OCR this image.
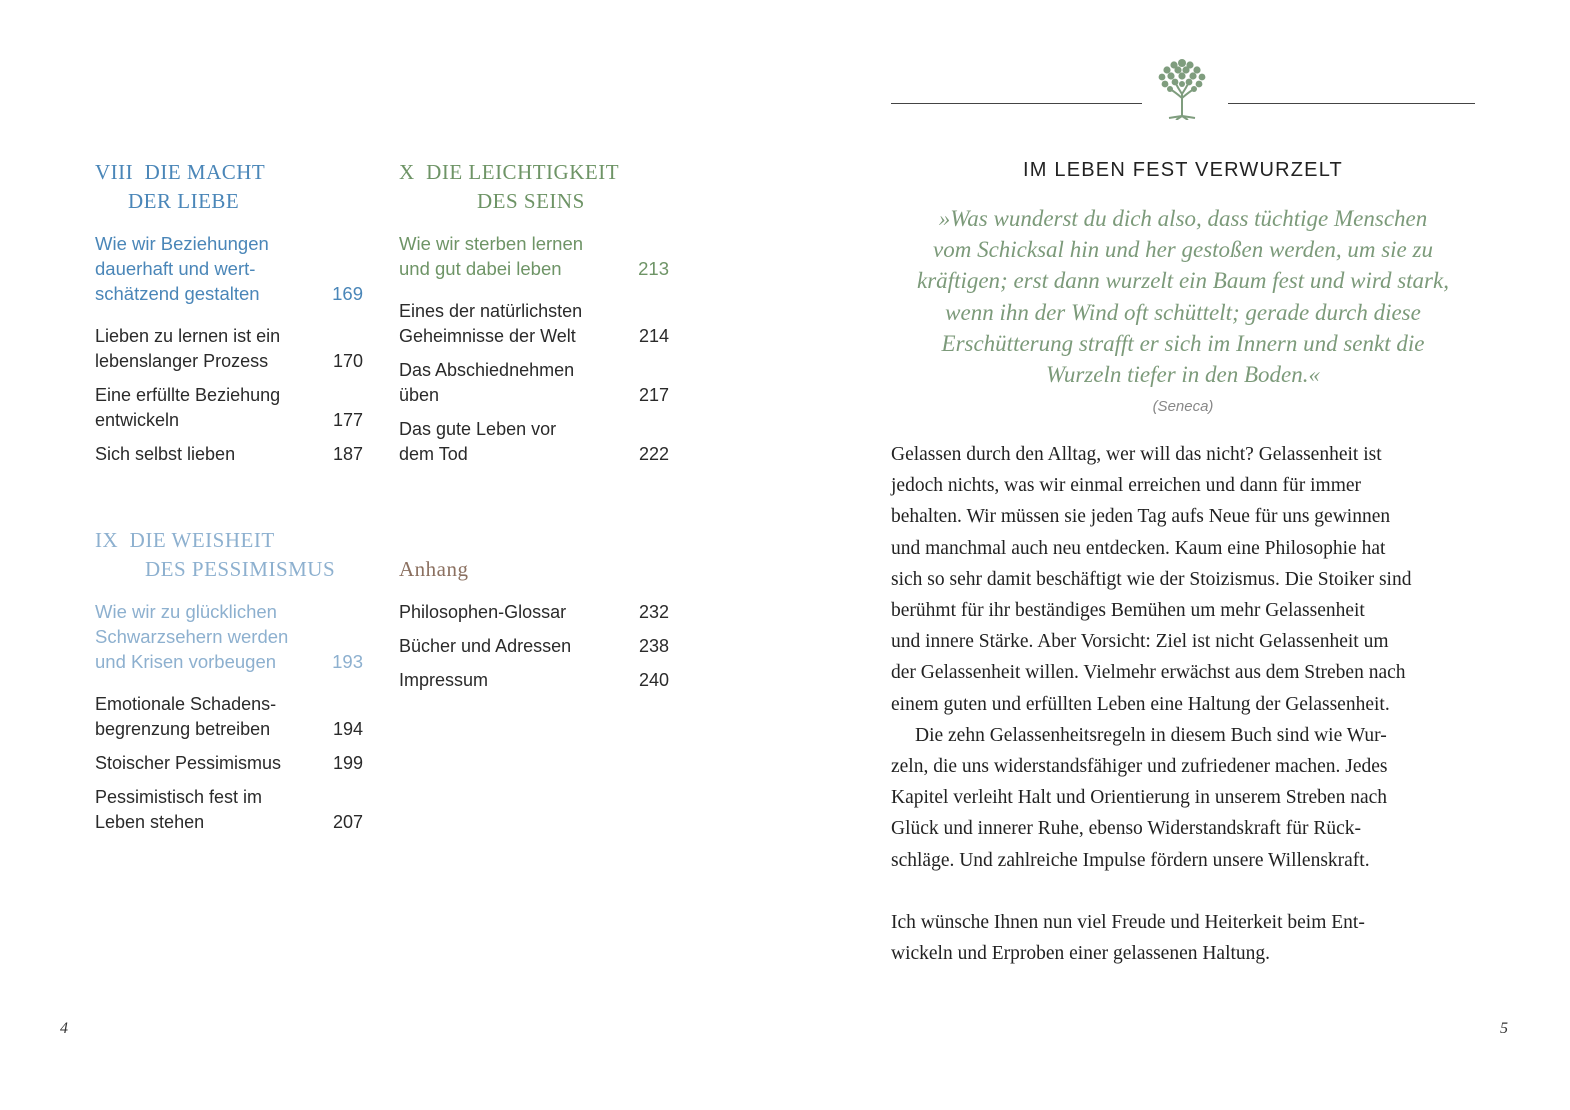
VIII DIE MACHT
DER LIEBE
Wie wir Beziehungen
dauerhaft und wert-
schätzend gestalten	169
Lieben zu lernen ist ein
lebenslanger Prozess	170
Eine erfüllte Beziehung
entwickeln	177
Sich selbst lieben	187
IX DIE WEISHEIT
DES PESSIMISMUS
Wie wir zu glücklichen
Schwarzsehern werden
und Krisen vorbeugen	193
Emotionale Schadens-
begrenzung betreiben	194
Stoischer Pessimismus	199
Pessimistisch fest im
Leben stehen	207
X DIE LEICHTIGKEIT
DES SEINS
Wie wir sterben lernen
und gut dabei leben	213
Eines der natürlichsten
Geheimnisse der Welt	214
Das Abschiednehmen
üben	217
Das gute Leben vor
dem Tod	222
Anhang
Philosophen-Glossar	232
Bücher und Adressen	238
Impressum	240
4
IM LEBEN FEST VERWURZELT
»Was wunderst du dich also, dass tüchtige Menschen
vom Schicksal hin und her gestoßen werden, um sie zu
kräftigen; erst dann wurzelt ein Baum fest und wird stark,
wenn ihn der Wind oft schüttelt; gerade durch diese
Erschütterung strafft er sich im Innern und senkt die
Wurzeln tiefer in den Boden.«
(Seneca)
Gelassen durch den Alltag, wer will das nicht? Gelassenheit ist
jedoch nichts, was wir einmal erreichen und dann für immer
behalten. Wir müssen sie jeden Tag aufs Neue für uns gewinnen
und manchmal auch neu entdecken. Kaum eine Philosophie hat
sich so sehr damit beschäftigt wie der Stoizismus. Die Stoiker sind
berühmt für ihr beständiges Bemühen um mehr Gelassenheit
und innere Stärke. Aber Vorsicht: Ziel ist nicht Gelassenheit um
der Gelassenheit willen. Vielmehr erwächst aus dem Streben nach
einem guten und erfüllten Leben eine Haltung der Gelassenheit.
Die zehn Gelassenheitsregeln in diesem Buch sind wie Wur-
zeln, die uns widerstandsfähiger und zufriedener machen. Jedes
Kapitel verleiht Halt und Orientierung in unserem Streben nach
Glück und innerer Ruhe, ebenso Widerstandskraft für Rück-
schläge. Und zahlreiche Impulse fördern unsere Willenskraft.
Ich wünsche Ihnen nun viel Freude und Heiterkeit beim Ent-
wickeln und Erproben einer gelassenen Haltung.
5
